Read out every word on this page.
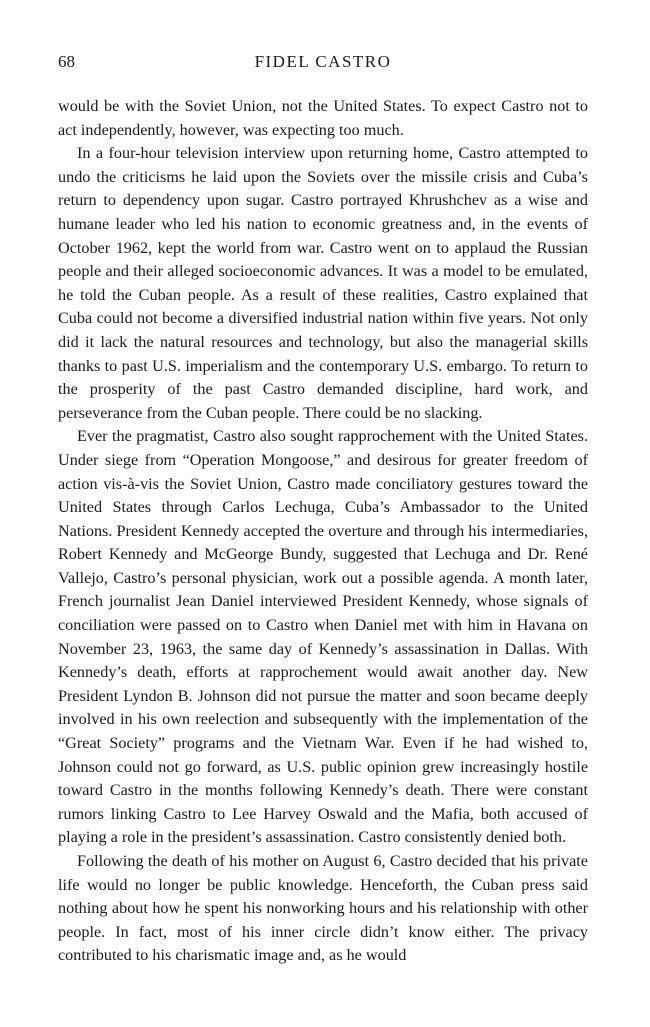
68	FIDEL CASTRO

would be with the Soviet Union, not the United States. To expect Castro not to act independently, however, was expecting too much.

In a four-hour television interview upon returning home, Castro attempted to undo the criticisms he laid upon the Soviets over the missile crisis and Cuba’s return to dependency upon sugar. Castro portrayed Khrushchev as a wise and humane leader who led his nation to economic greatness and, in the events of October 1962, kept the world from war. Castro went on to applaud the Russian people and their alleged socioeconomic advances. It was a model to be emulated, he told the Cuban people. As a result of these realities, Castro explained that Cuba could not become a diversified industrial nation within five years. Not only did it lack the natural resources and technology, but also the managerial skills thanks to past U.S. imperialism and the contemporary U.S. embargo. To return to the prosperity of the past Castro demanded discipline, hard work, and perseverance from the Cuban people. There could be no slacking.

Ever the pragmatist, Castro also sought rapprochement with the United States. Under siege from “Operation Mongoose,” and desirous for greater freedom of action vis-à-vis the Soviet Union, Castro made conciliatory gestures toward the United States through Carlos Lechuga, Cuba’s Ambassador to the United Nations. President Kennedy accepted the overture and through his intermediaries, Robert Kennedy and McGeorge Bundy, suggested that Lechuga and Dr. René Vallejo, Castro’s personal physician, work out a possible agenda. A month later, French journalist Jean Daniel interviewed President Kennedy, whose signals of conciliation were passed on to Castro when Daniel met with him in Havana on November 23, 1963, the same day of Kennedy’s assassination in Dallas. With Kennedy’s death, efforts at rapprochement would await another day. New President Lyndon B. Johnson did not pursue the matter and soon became deeply involved in his own reelection and subsequently with the implementation of the “Great Society” programs and the Vietnam War. Even if he had wished to, Johnson could not go forward, as U.S. public opinion grew increasingly hostile toward Castro in the months following Kennedy’s death. There were constant rumors linking Castro to Lee Harvey Oswald and the Mafia, both accused of playing a role in the president’s assassination. Castro consistently denied both.

Following the death of his mother on August 6, Castro decided that his private life would no longer be public knowledge. Henceforth, the Cuban press said nothing about how he spent his nonworking hours and his relationship with other people. In fact, most of his inner circle didn’t know either. The privacy contributed to his charismatic image and, as he would
